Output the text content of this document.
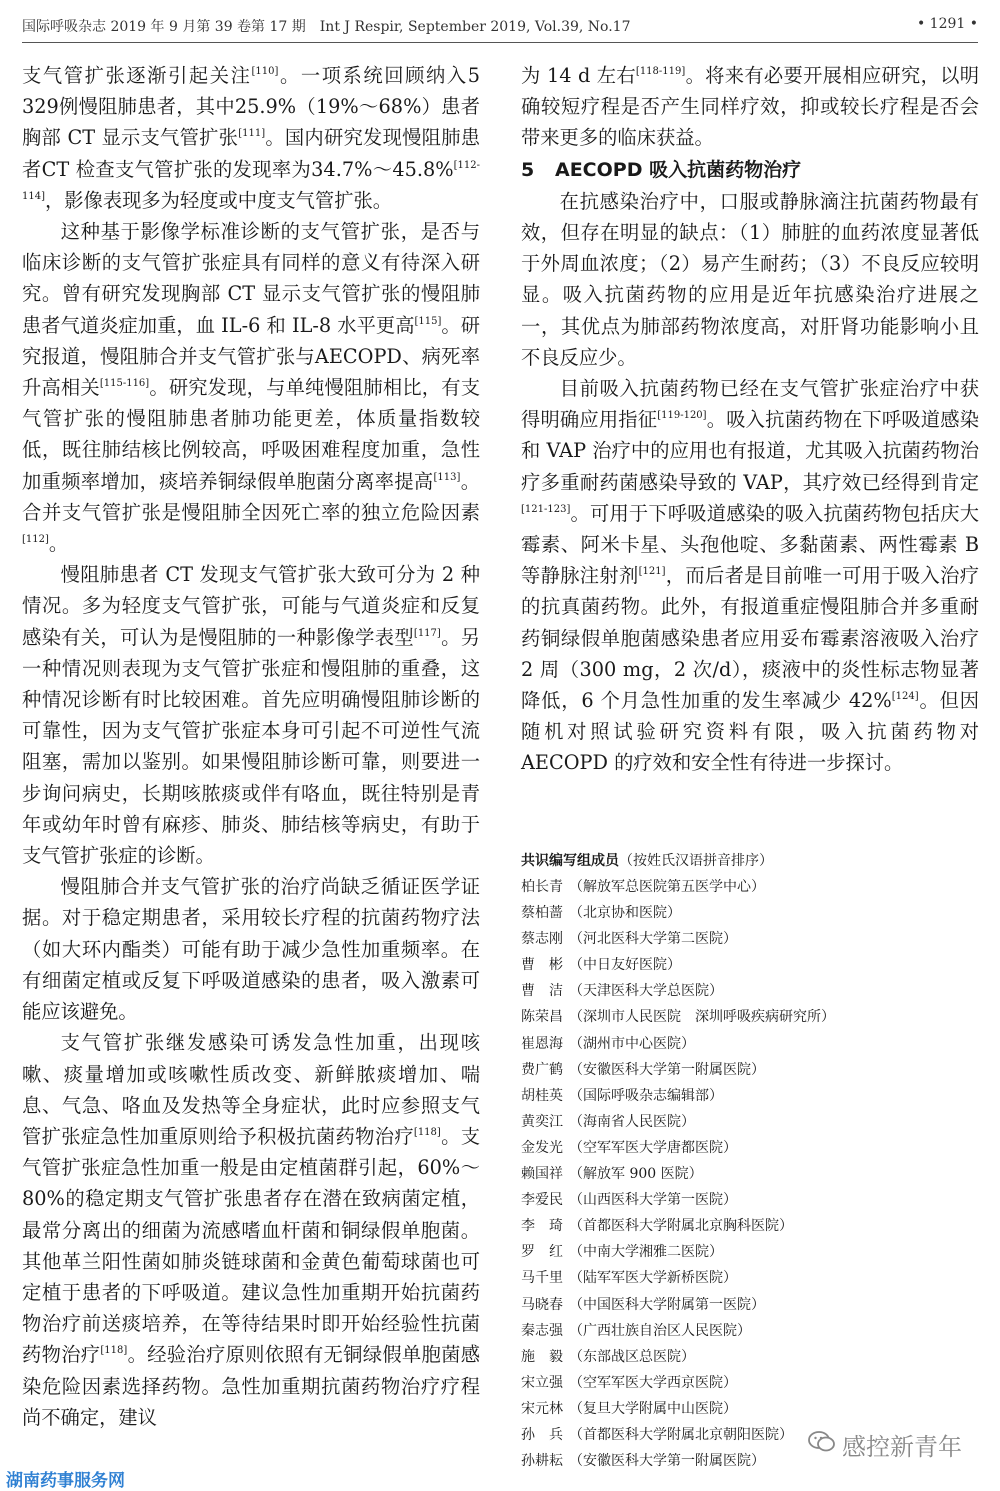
国际呼吸杂志 2019 年 9 月第 39 卷第 17 期　Int J Respir, September 2019, Vol.39, No.17	• 1291 •

支气管扩张逐渐引起关注[110]。一项系统回顾纳入5 329例慢阻肺患者，其中25.9%（19%～68%）患者胸部 CT 显示支气管扩张[111]。国内研究发现慢阻肺患者CT 检查支气管扩张的发现率为34.7%～45.8%[112-114]，影像表现多为轻度或中度支气管扩张。

这种基于影像学标准诊断的支气管扩张，是否与临床诊断的支气管扩张症具有同样的意义有待深入研究。曾有研究发现胸部 CT 显示支气管扩张的慢阻肺患者气道炎症加重，血 IL-6 和 IL-8 水平更高[115]。研究报道，慢阻肺合并支气管扩张与AECOPD、病死率升高相关[115-116]。研究发现，与单纯慢阻肺相比，有支气管扩张的慢阻肺患者肺功能更差，体质量指数较低，既往肺结核比例较高，呼吸困难程度加重，急性加重频率增加，痰培养铜绿假单胞菌分离率提高[113]。合并支气管扩张是慢阻肺全因死亡率的独立危险因素[112]。

慢阻肺患者 CT 发现支气管扩张大致可分为 2 种情况。多为轻度支气管扩张，可能与气道炎症和反复感染有关，可认为是慢阻肺的一种影像学表型[117]。另一种情况则表现为支气管扩张症和慢阻肺的重叠，这种情况诊断有时比较困难。首先应明确慢阻肺诊断的可靠性，因为支气管扩张症本身可引起不可逆性气流阻塞，需加以鉴别。如果慢阻肺诊断可靠，则要进一步询问病史，长期咳脓痰或伴有咯血，既往特别是青年或幼年时曾有麻疹、肺炎、肺结核等病史，有助于支气管扩张症的诊断。

慢阻肺合并支气管扩张的治疗尚缺乏循证医学证据。对于稳定期患者，采用较长疗程的抗菌药物疗法（如大环内酯类）可能有助于减少急性加重频率。在有细菌定植或反复下呼吸道感染的患者，吸入激素可能应该避免。

支气管扩张继发感染可诱发急性加重，出现咳嗽、痰量增加或咳嗽性质改变、新鲜脓痰增加、喘息、气急、咯血及发热等全身症状，此时应参照支气管扩张症急性加重原则给予积极抗菌药物治疗[118]。支气管扩张症急性加重一般是由定植菌群引起，60%～80%的稳定期支气管扩张患者存在潜在致病菌定植，最常分离出的细菌为流感嗜血杆菌和铜绿假单胞菌。其他革兰阳性菌如肺炎链球菌和金黄色葡萄球菌也可定植于患者的下呼吸道。建议急性加重期开始抗菌药物治疗前送痰培养，在等待结果时即开始经验性抗菌药物治疗[118]。经验治疗原则依照有无铜绿假单胞菌感染危险因素选择药物。急性加重期抗菌药物治疗疗程尚不确定，建议

为 14 d 左右[118-119]。将来有必要开展相应研究，以明确较短疗程是否产生同样疗效，抑或较长疗程是否会带来更多的临床获益。

5 AECOPD 吸入抗菌药物治疗

在抗感染治疗中，口服或静脉滴注抗菌药物最有效，但存在明显的缺点：（1）肺脏的血药浓度显著低于外周血浓度；（2）易产生耐药；（3）不良反应较明显。吸入抗菌药物的应用是近年抗感染治疗进展之一，其优点为肺部药物浓度高，对肝肾功能影响小且不良反应少。

目前吸入抗菌药物已经在支气管扩张症治疗中获得明确应用指征[119-120]。吸入抗菌药物在下呼吸道感染和 VAP 治疗中的应用也有报道，尤其吸入抗菌药物治疗多重耐药菌感染导致的 VAP，其疗效已经得到肯定[121-123]。可用于下呼吸道感染的吸入抗菌药物包括庆大霉素、阿米卡星、头孢他啶、多黏菌素、两性霉素 B 等静脉注射剂[121]，而后者是目前唯一可用于吸入治疗的抗真菌药物。此外，有报道重症慢阻肺合并多重耐药铜绿假单胞菌感染患者应用妥布霉素溶液吸入治疗 2 周（300 mg，2 次/d），痰液中的炎性标志物显著降低，6 个月急性加重的发生率减少 42%[124]。但因随机对照试验研究资料有限，吸入抗菌药物对 AECOPD 的疗效和安全性有待进一步探讨。

共识编写组成员（按姓氏汉语拼音排序）
柏长青 （解放军总医院第五医学中心）
蔡柏蔷 （北京协和医院）
蔡志刚 （河北医科大学第二医院）
曹　彬 （中日友好医院）
曹　洁 （天津医科大学总医院）
陈荣昌 （深圳市人民医院　深圳呼吸疾病研究所）
崔恩海 （湖州市中心医院）
费广鹤 （安徽医科大学第一附属医院）
胡桂英 （国际呼吸杂志编辑部）
黄奕江 （海南省人民医院）
金发光 （空军军医大学唐都医院）
赖国祥 （解放军 900 医院）
李爱民 （山西医科大学第一医院）
李　琦 （首都医科大学附属北京胸科医院）
罗　红 （中南大学湘雅二医院）
马千里 （陆军军医大学新桥医院）
马晓春 （中国医科大学附属第一医院）
秦志强 （广西壮族自治区人民医院）
施　毅 （东部战区总医院）
宋立强 （空军军医大学西京医院）
宋元林 （复旦大学附属中山医院）
孙　兵 （首都医科大学附属北京朝阳医院）
孙耕耘 （安徽医科大学第一附属医院）
感控新青年
湖南药事服务网
